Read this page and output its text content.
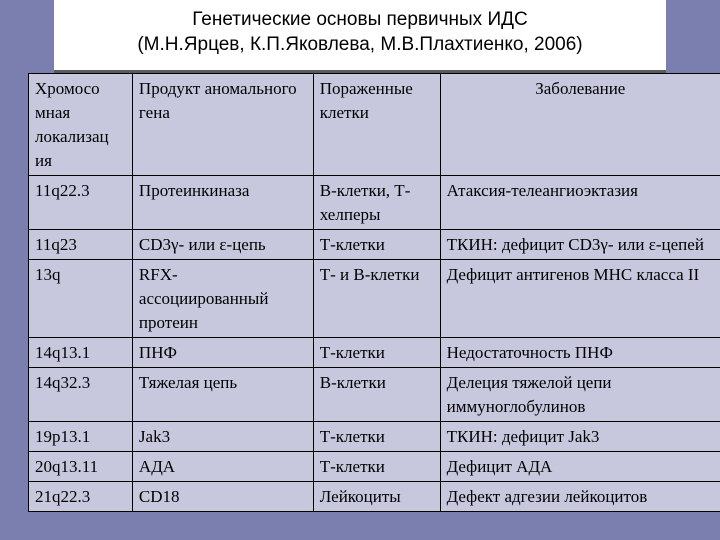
Генетические основы первичных ИДС
(М.Н.Ярцев, К.П.Яковлева, М.В.Плахтиенко, 2006)
Хромосо мная локализац ия	Продукт аномального гена	Пораженные клетки	Заболевание
11q22.3	Протеинкиназа	В-клетки, Т-хелперы	Атаксия-телеангиоэктазия
11q23	CD3γ- или ε-цепь	Т-клетки	ТКИН: дефицит CD3γ- или ε-цепей
13q	RFX-ассоциированный протеин	Т- и В-клетки	Дефицит антигенов МНС класса II
14q13.1	ПНФ	Т-клетки	Недостаточность ПНФ
14q32.3	Тяжелая цепь	В-клетки	Делеция тяжелой цепи иммуноглобулинов
19p13.1	Jak3	Т-клетки	ТКИН: дефицит Jak3
20q13.11	АДА	Т-клетки	Дефицит АДА
21q22.3	CD18	Лейкоциты	Дефект адгезии лейкоцитов
